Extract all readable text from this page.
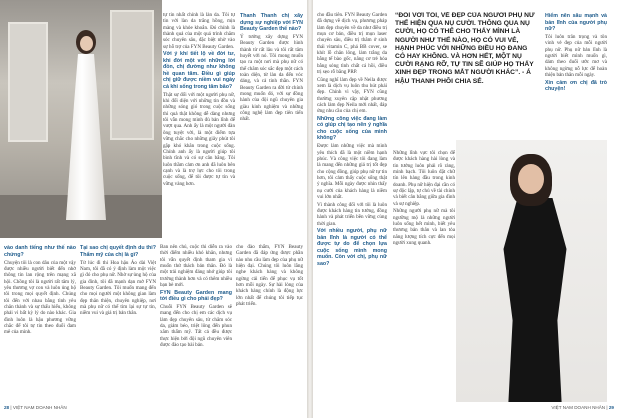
tự tin nhất chính là làn da. Tôi tự tin với làn da trắng hồng, mịn màng và khỏe khoắn. Đó chính là thành quả của một quá trình chăm sóc chuyên sâu, đặc biệt nhờ vào sự hỗ trợ của FYN Beauty Garden.

Với ý khí tiết lộ về đời tư, khi đời một với những lời đồn, chị đường như không hề quan tâm. Điều gì giúp chị giữ được niềm vui ngày cả khi sống trong tâm bão?

Thật sự đối với một người phụ nữ, khi đối diện với những tin đồn và những sóng gió trong cuộc sống thì quả thật không dễ dàng nhưng tôi vẫn mong mình đủ bản lĩnh để vượt qua. Anh ấy là một người đàn ông tuyệt vời, là một điểm tựa vững chắc cho những giây phút tôi gặp khó khăn trong cuộc sống. Chính anh ấy là người giúp tôi bình tĩnh và có sự cân bằng. Tôi luôn thầm cảm ơn anh đã luôn bên cạnh và là trợ lực cho tôi trong cuộc sống, để tôi được tự tin và vững vàng hơn.

Thanh Thanh chị xây dựng sự nghiệp với FYN Beauty Garden thế nào?

Ý tưởng xây dựng FYN Beauty Garden được hình thành từ rất lâu và tôi rất tâm huyết với nó. Tôi mong muốn tạo ra một nơi mà phụ nữ có thể chăm sóc sắc đẹp một cách toàn diện, từ làn da đến vóc dáng, và cả tinh thần. FYN Beauty Garden ra đời từ chính mong muốn đó, với sự đồng hành của đội ngũ chuyên gia giàu kinh nghiệm và những công nghệ làm đẹp tiên tiến nhất.

vào danh tiếng như thế nào chứng?

Chuyện tôi là con dâu của một vậy được nhiều người biết đến nhờ thông tin lan rộng trên mạng xã hội. Chồng tôi là người rất tâm lý, yêu thương vợ con và luôn ủng hộ tôi trong mọi quyết định. Chúng tôi đến với nhau bằng tình yêu chân thành và sự thấu hiểu, không phải vì bất kỳ lý do nào khác. Gia đình luôn là hậu phương vững chắc để tôi tự tin theo đuổi đam mê của mình.

Tại sao chị quyết định du thi? Thẩm mỹ của chị là gì?

Từ lúc đi thi Hoa hậu Áo dài Việt Nam, tôi đã có ý định làm một việc gì đó cho phụ nữ. Nhờ sự ủng hộ của gia đình, tôi đã mạnh dạn mở FYN Beauty Garden. Tôi muốn mang đến cho mọi người một không gian làm đẹp thân thiện, chuyên nghiệp, nơi mà phụ nữ có thể tìm lại sự tự tin, niềm vui và giá trị bản thân.

Ban nên chú, cuộc thi diễn ra vào thời điểm nhiều khó khăn, nhưng tôi vẫn quyết định tham gia vì muốn thử thách bản thân. Đó là một trải nghiệm đáng nhớ giúp tôi trưởng thành hơn và có thêm nhiều bạn bè mới.

FYN Beauty Garden mang tới điều gì cho phái đẹp?

Chuỗi FYN Beauty Garden sẽ mang đến cho chị em các dịch vụ làm đẹp chuyên sâu, từ chăm sóc da, giảm béo, triệt lông đến phun xăm thẩm mỹ. Tất cả đều được thực hiện bởi đội ngũ chuyên viên được đào tạo bài bản.

cho đào thẩm, FYN Beauty Garden đã đáp ứng được phần nào nhu cầu làm đẹp của phụ nữ hiện đại. Chúng tôi luôn lắng nghe khách hàng và không ngừng cải tiến để phục vụ tốt hơn mỗi ngày. Sự hài lòng của khách hàng chính là động lực lớn nhất để chúng tôi tiếp tục phát triển.

cho đầu tiên. FYN Beauty Garden đã dựng về dịch vụ, phương pháp làm đẹp chuyên về da như điều trị mụn cơ bản, điều trị mụn laser chuyên sâu, điều trị thâm ở sinh thái vitamin C, phá BB cover, se khít lỗ chân lông, làm trắng da bằng tế bào gốc, nâng cơ trẻ hóa bằng sóng tình chất cá hồi, điều trị sẹo rỗ bằng PRP.

Cũng nghĩ làm đẹp về Neila được xem là dịch vụ luôn thu hút phái đẹp. Chính vì vậy, FYN cũng thường xuyên cập nhật phương cách làm đẹp Neila mới nhất, đáp ứng nhu cầu của chị em.

Những công việc đang làm có giúp chị tạo nên ý nghĩa cho cuộc sống của mình không?

Được làm những việc mà mình yêu thích đã là một niềm hạnh phúc. Và công việc tôi đang làm là mang đến những giá trị tốt đẹp cho cộng đồng, giúp phụ nữ tự tin hơn, tôi cảm thấy cuộc sống thật ý nghĩa. Mỗi ngày được nhìn thấy nụ cười của khách hàng là niềm vui lớn nhất.

Vì thành công đối với tôi là luôn được khách hàng tin tưởng, đồng hành và phát triển bền vững cùng thời gian.

Với nhiều người, phụ nữ bản lĩnh là người có thể được tự do để chọn lựa cuộc sống mình mong muốn. Còn với chị, phụ nữ sao?

Những lĩnh vực tôi chọn để được khách hàng hài lòng và tin tưởng luôn phải rõ ràng, minh bạch. Tôi luôn đặt chữ tín lên hàng đầu trong kinh doanh. Phụ nữ hiện đại cần có sự độc lập, tự chủ về tài chính và biết cân bằng giữa gia đình và sự nghiệp.

Những người phụ nữ mà tôi ngưỡng mộ là những người luôn sống hết mình, biết yêu thương bản thân và lan tỏa năng lượng tích cực đến mọi người xung quanh.

Hiểm nên sâu mạnh và bản lĩnh của người phụ nữ?

Tôi luôn trân trọng và tôn vinh vẻ đẹp của mỗi người phụ nữ. Phụ nữ bản lĩnh là người biết mình muốn gì, dám theo đuổi ước mơ và không ngừng nỗ lực để hoàn thiện bản thân mỗi ngày.

Xin cảm ơn chị đã trò chuyện!

“ĐỐI VỚI TÔI, VẺ ĐẸP CỦA NGƯỜI PHỤ NỮ THỂ HIỆN QUA NỤ CƯỜI. THÔNG QUA NỤ CƯỜI, HỌ CÓ THỂ CHO THẤY MÌNH LÀ NGƯỜI NHƯ THẾ NÀO, HỌ CÓ VUI VẺ, HẠNH PHÚC VỚI NHỮNG ĐIỀU HỌ ĐANG CÓ HAY KHÔNG. VÀ HƠN HẾT, MỘT NỤ CƯỜI RẠNG RỠ, TỰ TIN SẼ GIÚP HỌ THẤY XINH ĐẸP TRONG MẮT NGƯỜI KHÁC”. - Á HẬU THANH PHÔI CHIA SẺ.
28 | VIỆT NAM DOANH NHÂN	VIỆT NAM DOANH NHÂN | 29
